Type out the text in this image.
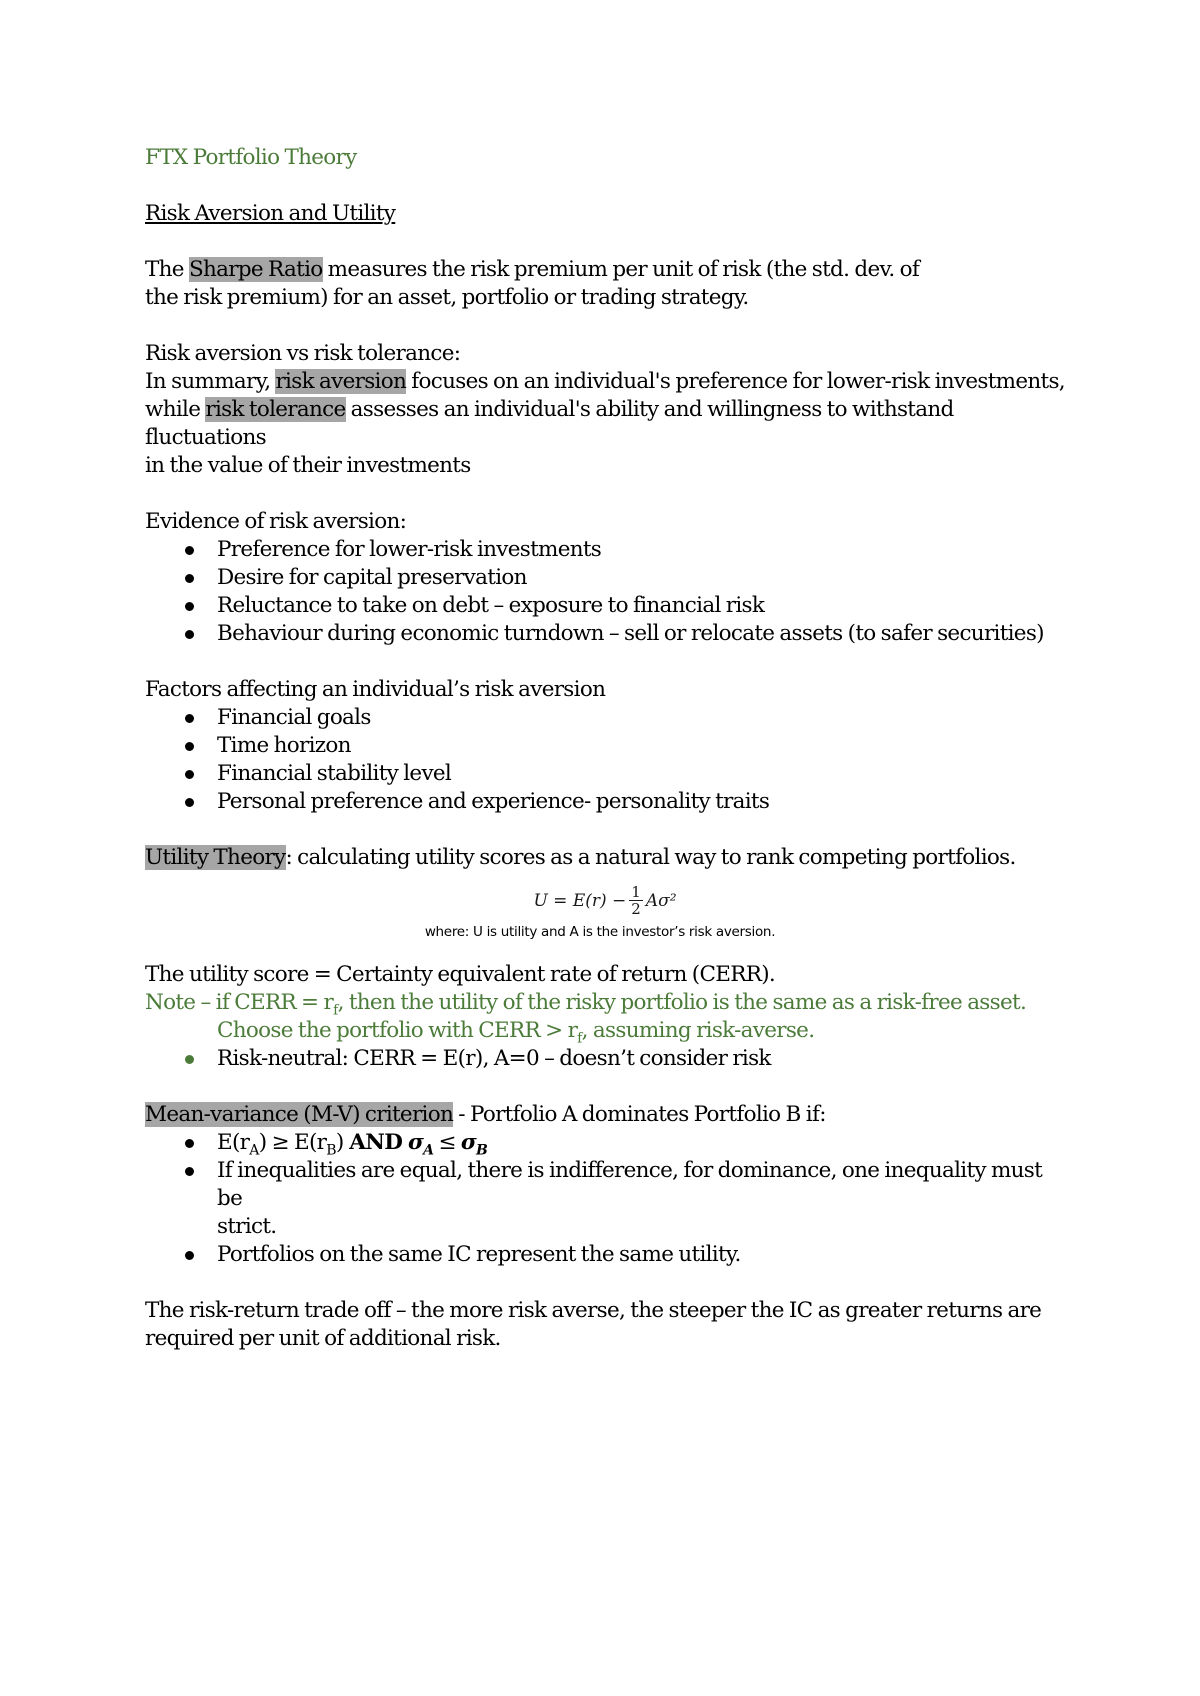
FTX Portfolio Theory

Risk Aversion and Utility

The Sharpe Ratio measures the risk premium per unit of risk (the std. dev. of

the risk premium) for an asset, portfolio or trading strategy.

Risk aversion vs risk tolerance:

In summary, risk aversion focuses on an individual's preference for lower-risk investments,

while risk tolerance assesses an individual's ability and willingness to withstand fluctuations

in the value of their investments

Evidence of risk aversion:

Preference for lower-risk investments
Desire for capital preservation
Reluctance to take on debt – exposure to financial risk
Behaviour during economic turndown – sell or relocate assets (to safer securities)

Factors affecting an individual’s risk aversion

Financial goals
Time horizon
Financial stability level
Personal preference and experience- personality traits

Utility Theory: calculating utility scores as a natural way to rank competing portfolios.

$U = E(r) - \frac{1}{2} A\sigma^2$
where: U is utility and A is the investor’s risk aversion.

The utility score = Certainty equivalent rate of return (CERR).

Note – if CERR = $r_f$, then the utility of the risky portfolio is the same as a risk-free asset.

Choose the portfolio with CERR > $r_f$, assuming risk-averse.

Risk-neutral: CERR = E(r), A=0 – doesn’t consider risk

Mean-variance (M-V) criterion - Portfolio A dominates Portfolio B if:

$E(r_A) \ge E(r_B)$ AND $\sigma_A \le \sigma_B$
If inequalities are equal, there is indifference, for dominance, one inequality must be
strict.
Portfolios on the same IC represent the same utility.

The risk-return trade off – the more risk averse, the steeper the IC as greater returns are

required per unit of additional risk.
